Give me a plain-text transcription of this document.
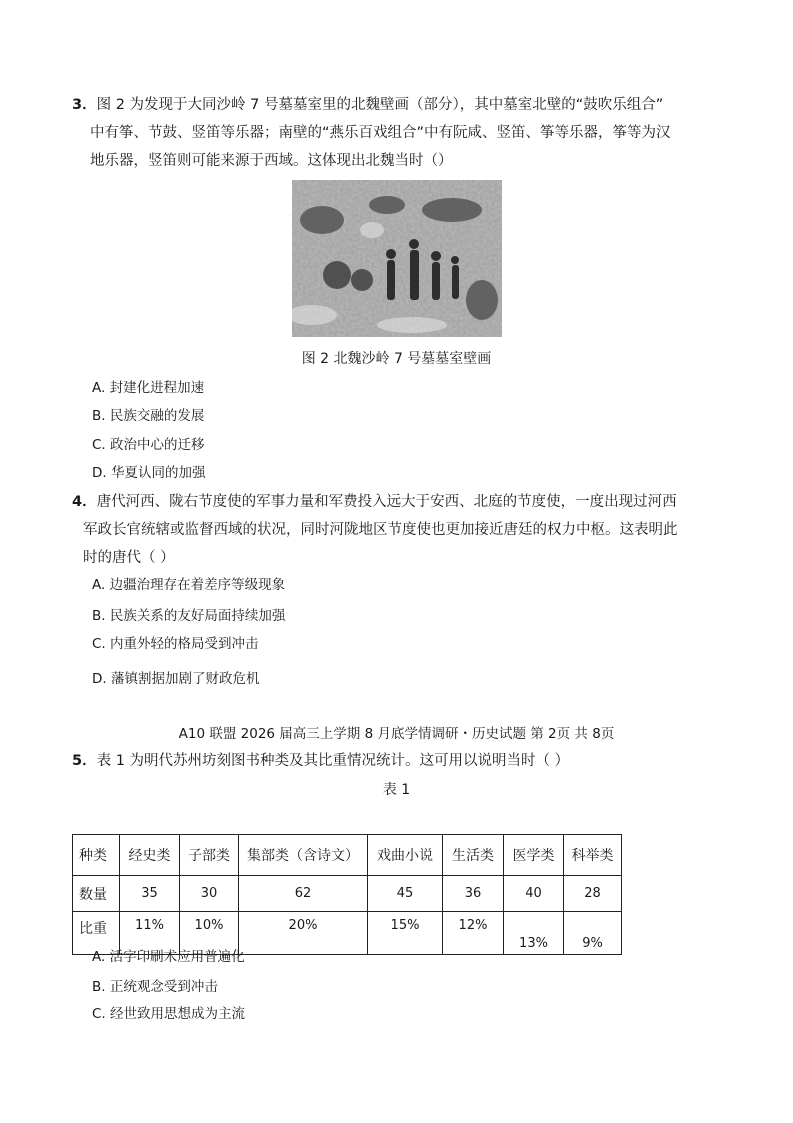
3．图 2 为发现于大同沙岭 7 号墓墓室里的北魏壁画（部分），其中墓室北壁的“鼓吹乐组合”
中有筝、节鼓、竖笛等乐器；南壁的“燕乐百戏组合”中有阮咸、竖笛、筝等乐器，筝等为汉
地乐器，竖笛则可能来源于西域。这体现出北魏当时（）
图 2 北魏沙岭 7 号墓墓室壁画
A. 封建化进程加速
B. 民族交融的发展
C. 政治中心的迁移
D. 华夏认同的加强
4．唐代河西、陇右节度使的军事力量和军费投入远大于安西、北庭的节度使，一度出现过河西
军政长官统辖或监督西域的状况，同时河陇地区节度使也更加接近唐廷的权力中枢。这表明此
时的唐代（ ）
A. 边疆治理存在着差序等级现象
B. 民族关系的友好局面持续加强
C. 内重外轻的格局受到冲击
D. 藩镇割据加剧了财政危机
A10 联盟 2026 届高三上学期 8 月底学情调研・历史试题 第 2页 共 8页
5．表 1 为明代苏州坊刻图书种类及其比重情况统计。这可用以说明当时（ ）
表 1
种类	经史类	子部类	集部类（含诗文）	戏曲小说	生活类	医学类	科举类
数量	35	30	62	45	36	40	28
比重	11%	10%	20%	15%	12%	13%	9%
A. 活字印刷术应用普遍化
B. 正统观念受到冲击
C. 经世致用思想成为主流
